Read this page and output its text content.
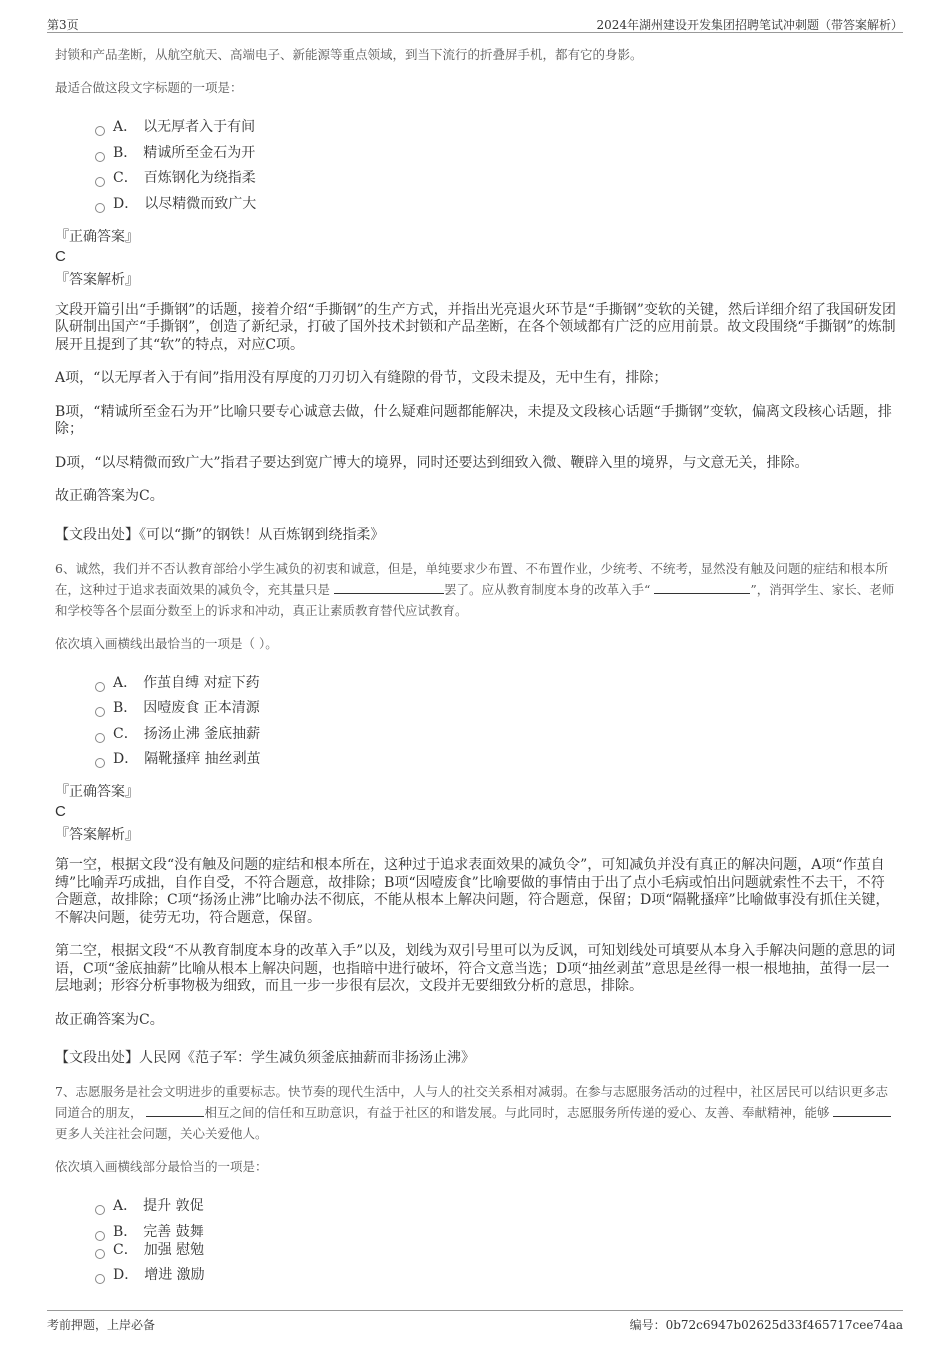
第3页	2024年湖州建设开发集团招聘笔试冲刺题（带答案解析）

封锁和产品垄断，从航空航天、高端电子、新能源等重点领域，到当下流行的折叠屏手机，都有它的身影。

最适合做这段文字标题的一项是：

A． 以无厚者入于有间
B． 精诚所至金石为开
C． 百炼钢化为绕指柔
D． 以尽精微而致广大

『正确答案』

C

『答案解析』

文段开篇引出“手撕钢”的话题，接着介绍“手撕钢”的生产方式，并指出光亮退火环节是“手撕钢”变软的关键，然后详细介绍了我国研发团队研制出国产“手撕钢”，创造了新纪录，打破了国外技术封锁和产品垄断，在各个领域都有广泛的应用前景。故文段围绕“手撕钢”的炼制展开且提到了其“软”的特点，对应C项。

A项，“以无厚者入于有间”指用没有厚度的刀刃切入有缝隙的骨节，文段未提及，无中生有，排除；

B项，“精诚所至金石为开”比喻只要专心诚意去做，什么疑难问题都能解决，未提及文段核心话题“手撕钢”变软，偏离文段核心话题，排除；

D项，“以尽精微而致广大”指君子要达到宽广博大的境界，同时还要达到细致入微、鞭辟入里的境界，与文意无关，排除。

故正确答案为C。

【文段出处】《可以“撕”的钢铁！从百炼钢到绕指柔》

6、诚然，我们并不否认教育部给小学生减负的初衷和诚意，但是，单纯要求少布置、不布置作业，少统考、不统考，显然没有触及问题的症结和根本所在，这种过于追求表面效果的减负令，充其量只是	罢了。应从教育制度本身的改革入手“	”，消弭学生、家长、老师和学校等各个层面分数至上的诉求和冲动，真正让素质教育替代应试教育。

依次填入画横线出最恰当的一项是（ ）。

A． 作茧自缚 对症下药
B． 因噎废食 正本清源
C． 扬汤止沸 釜底抽薪
D． 隔靴搔痒 抽丝剥茧

『正确答案』

C

『答案解析』

第一空，根据文段“没有触及问题的症结和根本所在，这种过于追求表面效果的减负令”，可知减负并没有真正的解决问题，A项“作茧自缚”比喻弄巧成拙，自作自受，不符合题意，故排除；B项“因噎废食”比喻要做的事情由于出了点小毛病或怕出问题就索性不去干，不符合题意，故排除；C项“扬汤止沸”比喻办法不彻底，不能从根本上解决问题，符合题意，保留；D项“隔靴搔痒”比喻做事没有抓住关键，不解决问题，徒劳无功，符合题意，保留。

第二空，根据文段“不从教育制度本身的改革入手”以及，划线为双引号里可以为反讽，可知划线处可填要从本身入手解决问题的意思的词语，C项“釜底抽薪”比喻从根本上解决问题，也指暗中进行破坏，符合文意当选；D项“抽丝剥茧”意思是丝得一根一根地抽，茧得一层一层地剥；形容分析事物极为细致，而且一步一步很有层次，文段并无要细致分析的意思，排除。

故正确答案为C。

【文段出处】人民网《范子军：学生减负须釜底抽薪而非扬汤止沸》

7、志愿服务是社会文明进步的重要标志。快节奏的现代生活中，人与人的社交关系相对减弱。在参与志愿服务活动的过程中，社区居民可以结识更多志同道合的朋友，	相互之间的信任和互助意识，有益于社区的和谐发展。与此同时，志愿服务所传递的爱心、友善、奉献精神，能够 更多人关注社会问题，关心关爱他人。

依次填入画横线部分最恰当的一项是：

A． 提升 敦促
B． 完善 鼓舞
C． 加强 慰勉
D． 增进 激励
考前押题，上岸必备	编号：0b72c6947b02625d33f465717cee74aa
